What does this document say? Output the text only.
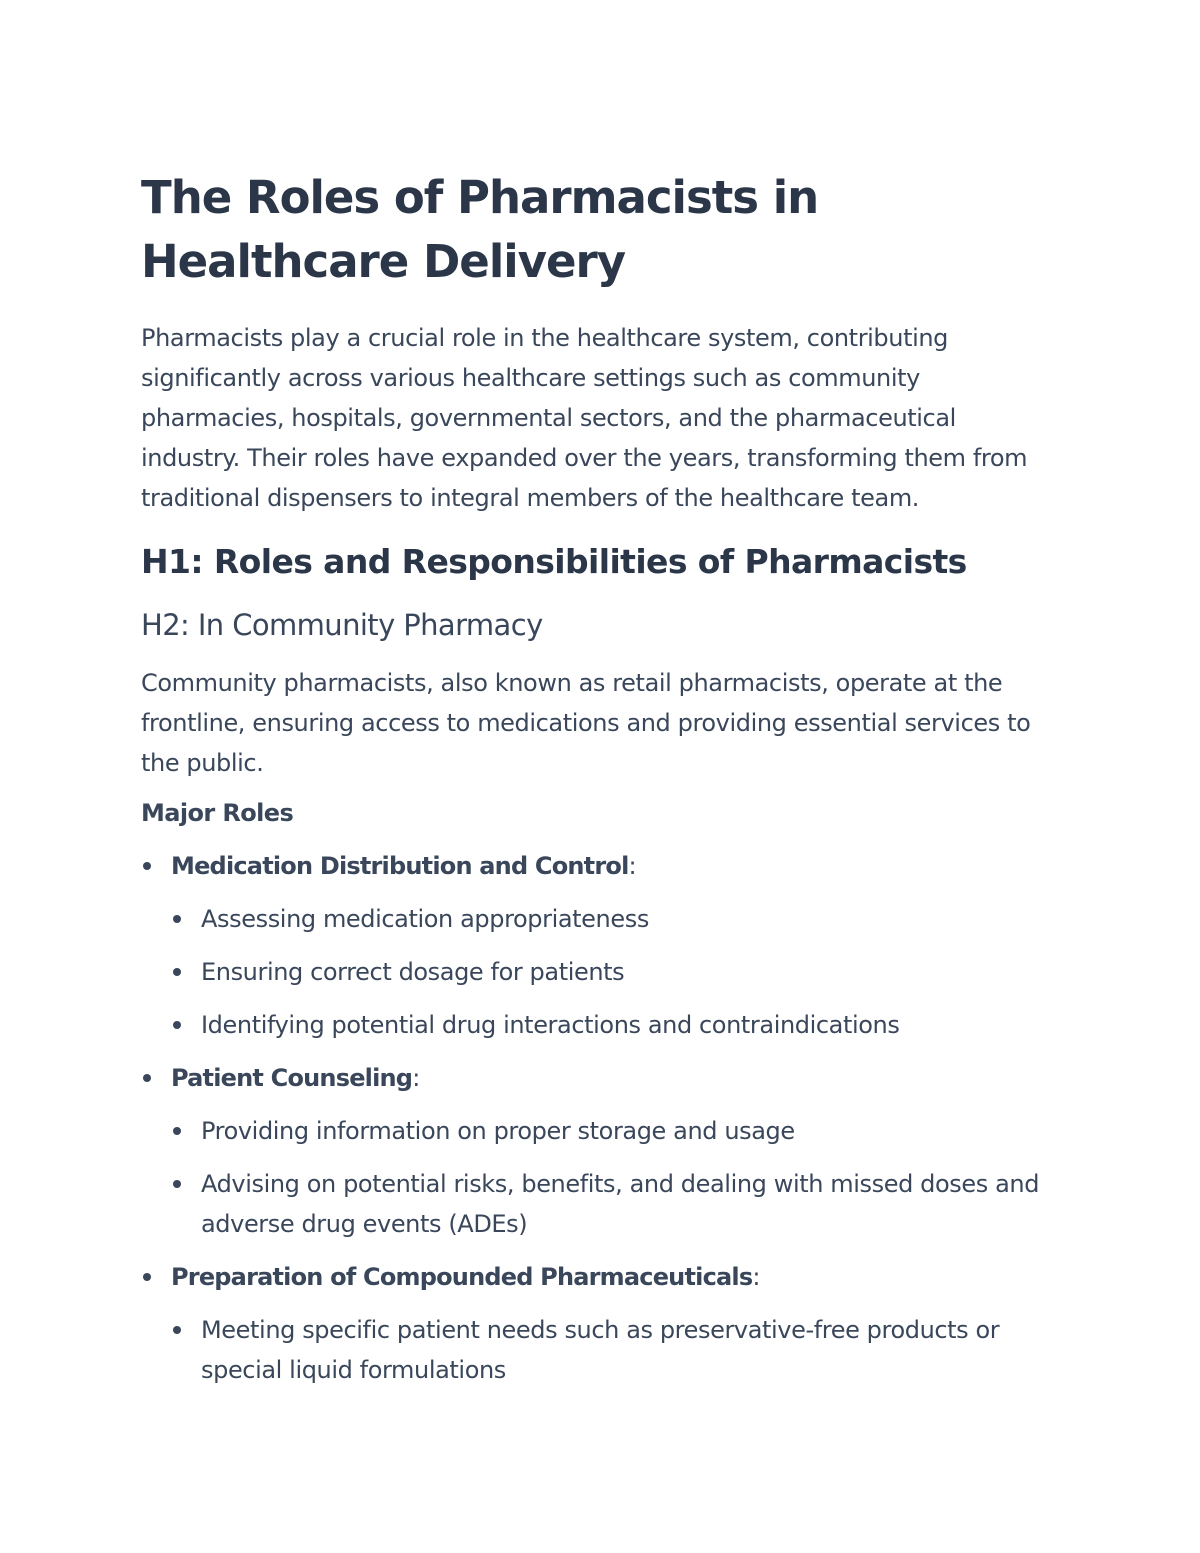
The Roles of Pharmacists in Healthcare Delivery

Pharmacists play a crucial role in the healthcare system, contributing significantly across various healthcare settings such as community pharmacies, hospitals, governmental sectors, and the pharmaceutical industry. Their roles have expanded over the years, transforming them from traditional dispensers to integral members of the healthcare team.

H1: Roles and Responsibilities of Pharmacists
H2: In Community Pharmacy

Community pharmacists, also known as retail pharmacists, operate at the frontline, ensuring access to medications and providing essential services to the public.

Major Roles

Medication Distribution and Control:
Assessing medication appropriateness
Ensuring correct dosage for patients
Identifying potential drug interactions and contraindications
Patient Counseling:
Providing information on proper storage and usage
Advising on potential risks, benefits, and dealing with missed doses and adverse drug events (ADEs)
Preparation of Compounded Pharmaceuticals:
Meeting specific patient needs such as preservative-free products or special liquid formulations
